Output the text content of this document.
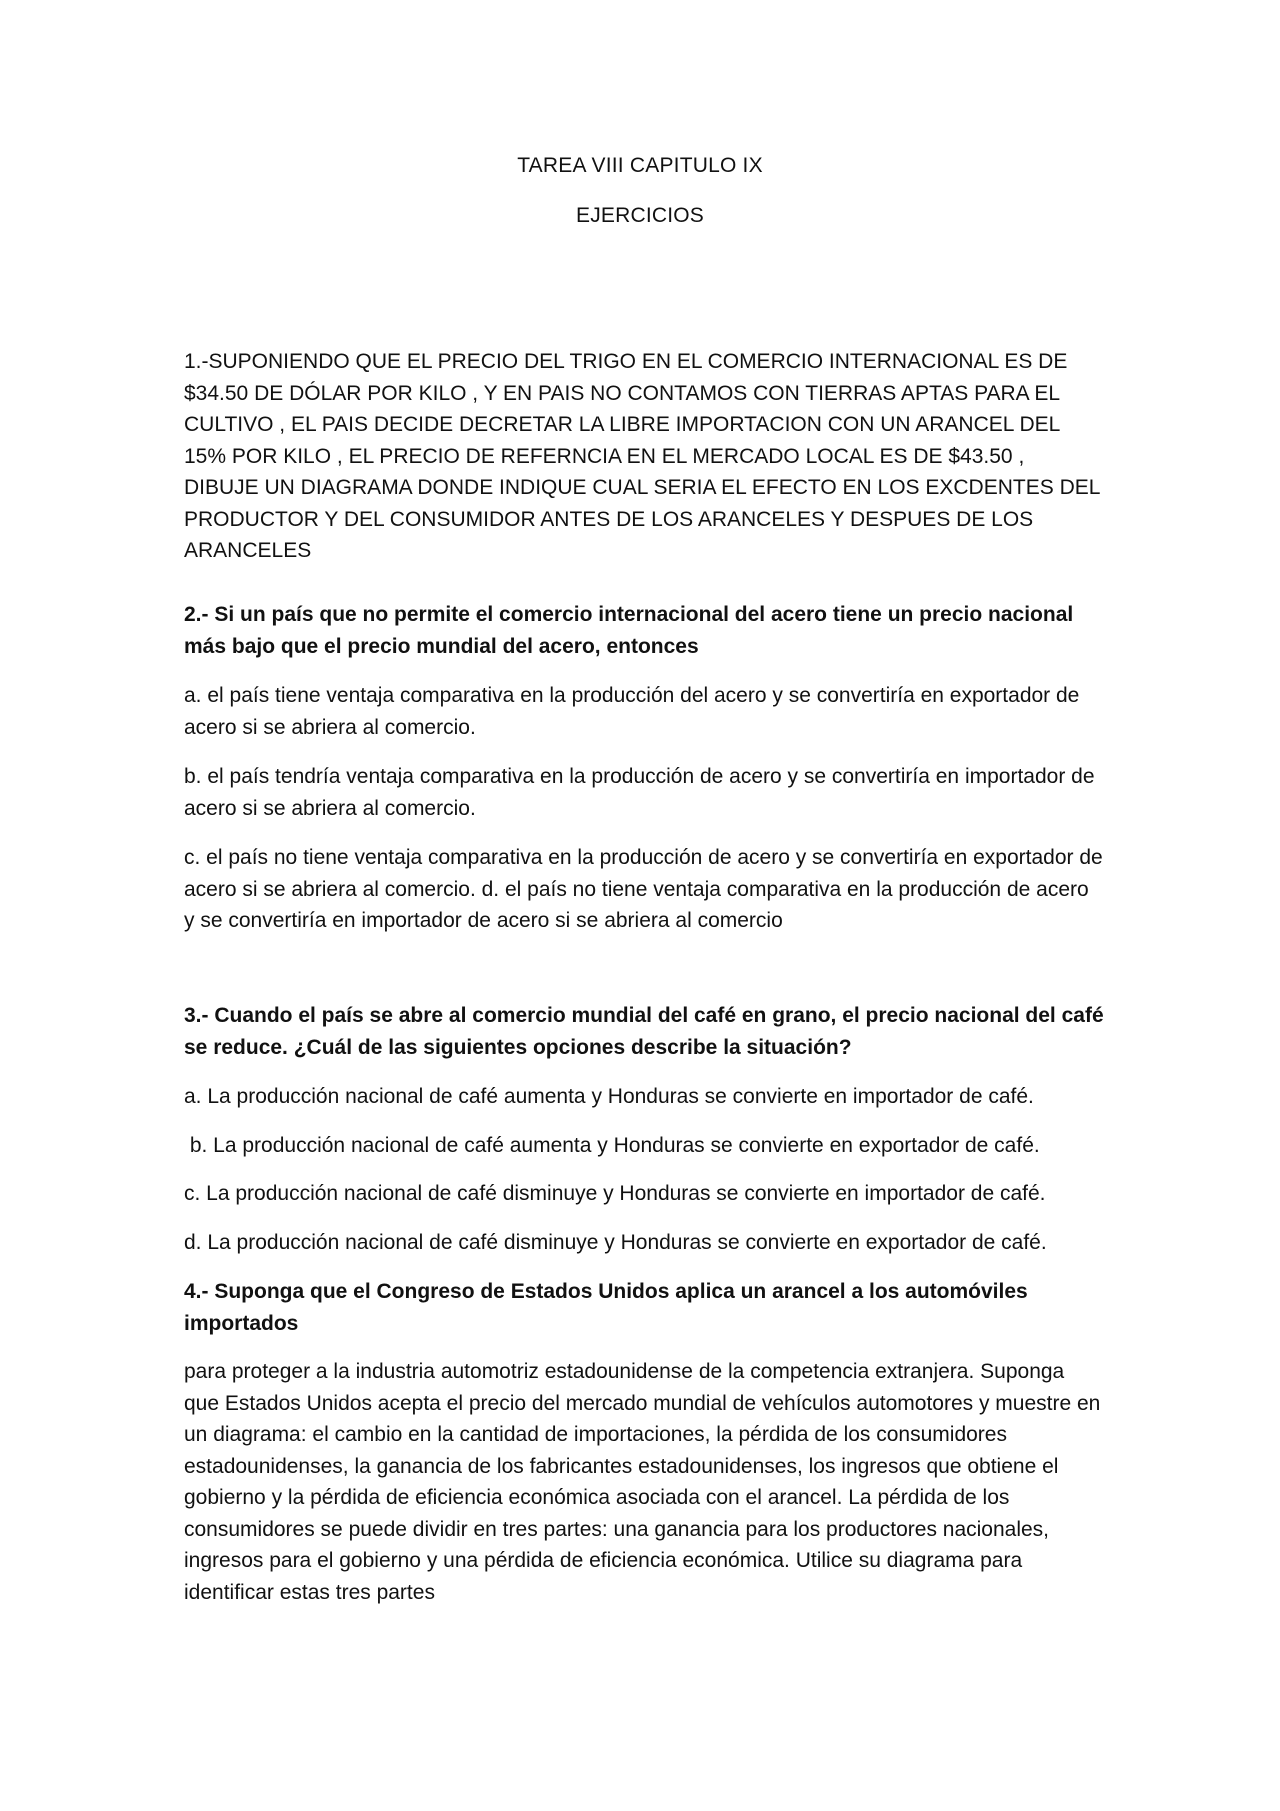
TAREA VIII CAPITULO IX
EJERCICIOS

1.-SUPONIENDO QUE EL PRECIO DEL TRIGO EN EL COMERCIO INTERNACIONAL ES DE $34.50 DE DÓLAR POR KILO , Y EN PAIS NO CONTAMOS CON TIERRAS APTAS PARA EL CULTIVO , EL PAIS DECIDE DECRETAR LA LIBRE IMPORTACION CON UN ARANCEL DEL 15% POR KILO , EL PRECIO DE REFERNCIA EN EL MERCADO LOCAL ES DE $43.50 , DIBUJE UN DIAGRAMA DONDE INDIQUE CUAL SERIA EL EFECTO EN LOS EXCDENTES DEL PRODUCTOR Y DEL CONSUMIDOR ANTES DE LOS ARANCELES Y DESPUES DE LOS ARANCELES

2.- Si un país que no permite el comercio internacional del acero tiene un precio nacional más bajo que el precio mundial del acero, entonces

a. el país tiene ventaja comparativa en la producción del acero y se convertiría en exportador de acero si se abriera al comercio.

b. el país tendría ventaja comparativa en la producción de acero y se convertiría en importador de acero si se abriera al comercio.

c. el país no tiene ventaja comparativa en la producción de acero y se convertiría en exportador de acero si se abriera al comercio. d. el país no tiene ventaja comparativa en la producción de acero y se convertiría en importador de acero si se abriera al comercio

3.- Cuando el país se abre al comercio mundial del café en grano, el precio nacional del café se reduce. ¿Cuál de las siguientes opciones describe la situación?

a. La producción nacional de café aumenta y Honduras se convierte en importador de café.

b. La producción nacional de café aumenta y Honduras se convierte en exportador de café.

c. La producción nacional de café disminuye y Honduras se convierte en importador de café.

d. La producción nacional de café disminuye y Honduras se convierte en exportador de café.

4.- Suponga que el Congreso de Estados Unidos aplica un arancel a los automóviles importados

para proteger a la industria automotriz estadounidense de la competencia extranjera. Suponga que Estados Unidos acepta el precio del mercado mundial de vehículos automotores y muestre en un diagrama: el cambio en la cantidad de importaciones, la pérdida de los consumidores estadounidenses, la ganancia de los fabricantes estadounidenses, los ingresos que obtiene el gobierno y la pérdida de eficiencia económica asociada con el arancel. La pérdida de los consumidores se puede dividir en tres partes: una ganancia para los productores nacionales, ingresos para el gobierno y una pérdida de eficiencia económica. Utilice su diagrama para identificar estas tres partes
